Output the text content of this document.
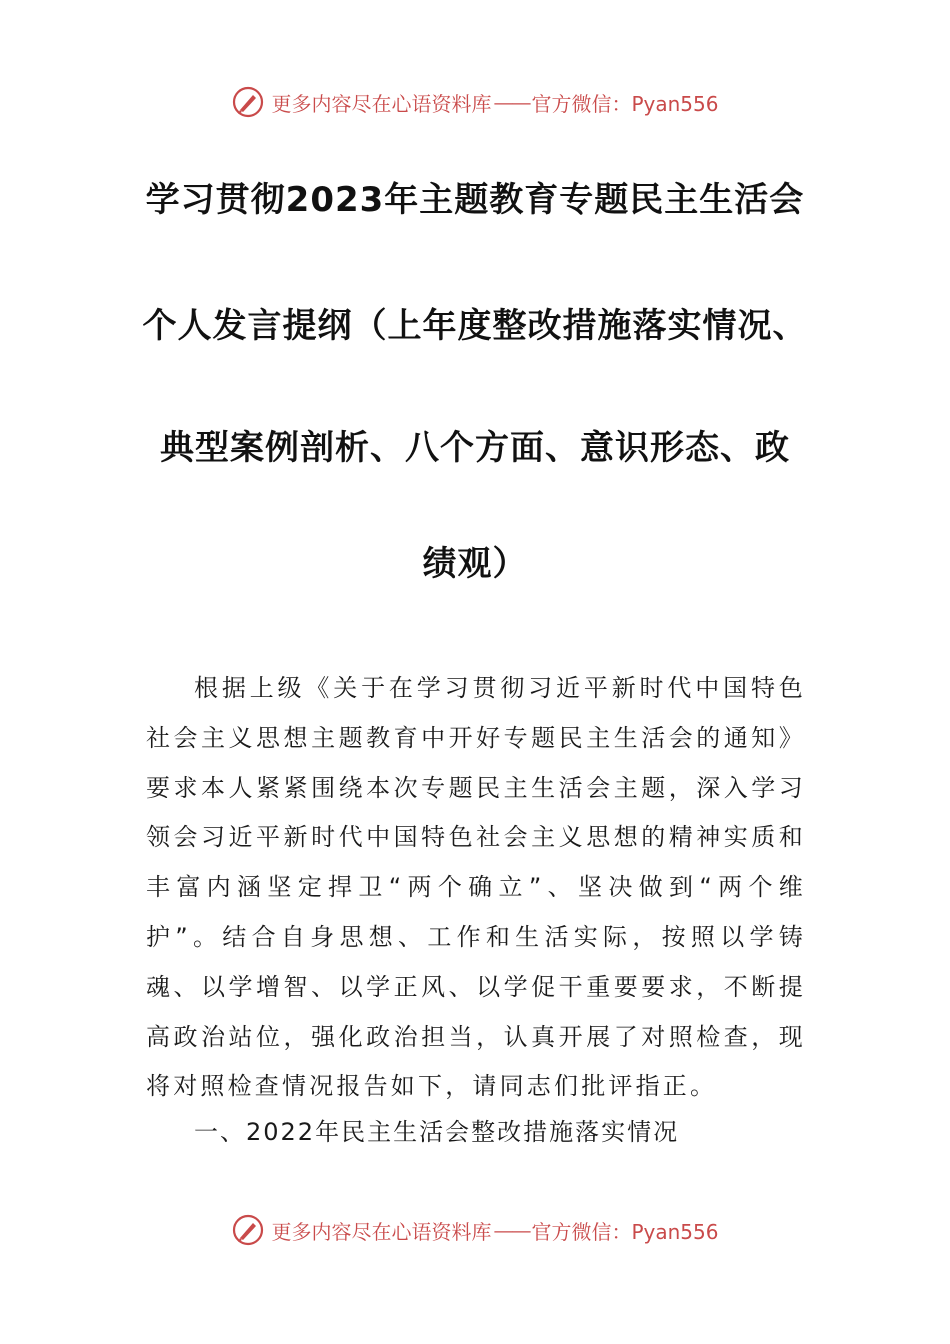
更多内容尽在心语资料库 —— 官方微信：Pyan556
学习贯彻2023年主题教育专题民主生活会
个人发言提纲（上年度整改措施落实情况、
典型案例剖析、八个方面、意识形态、政
绩观）

根据上级《关于在学习贯彻习近平新时代中国特色社会主义思想主题教育中开好专题民主生活会的通知》要求本人紧紧围绕本次专题民主生活会主题，深入学习领会习近平新时代中国特色社会主义思想的精神实质和丰富内涵坚定捍卫“两个确立”、坚决做到“两个维护”。结合自身思想、工作和生活实际，按照以学铸魂、以学增智、以学正风、以学促干重要要求，不断提高政治站位，强化政治担当，认真开展了对照检查，现将对照检查情况报告如下，请同志们批评指正。

一、2022年民主生活会整改措施落实情况
更多内容尽在心语资料库 —— 官方微信：Pyan556
